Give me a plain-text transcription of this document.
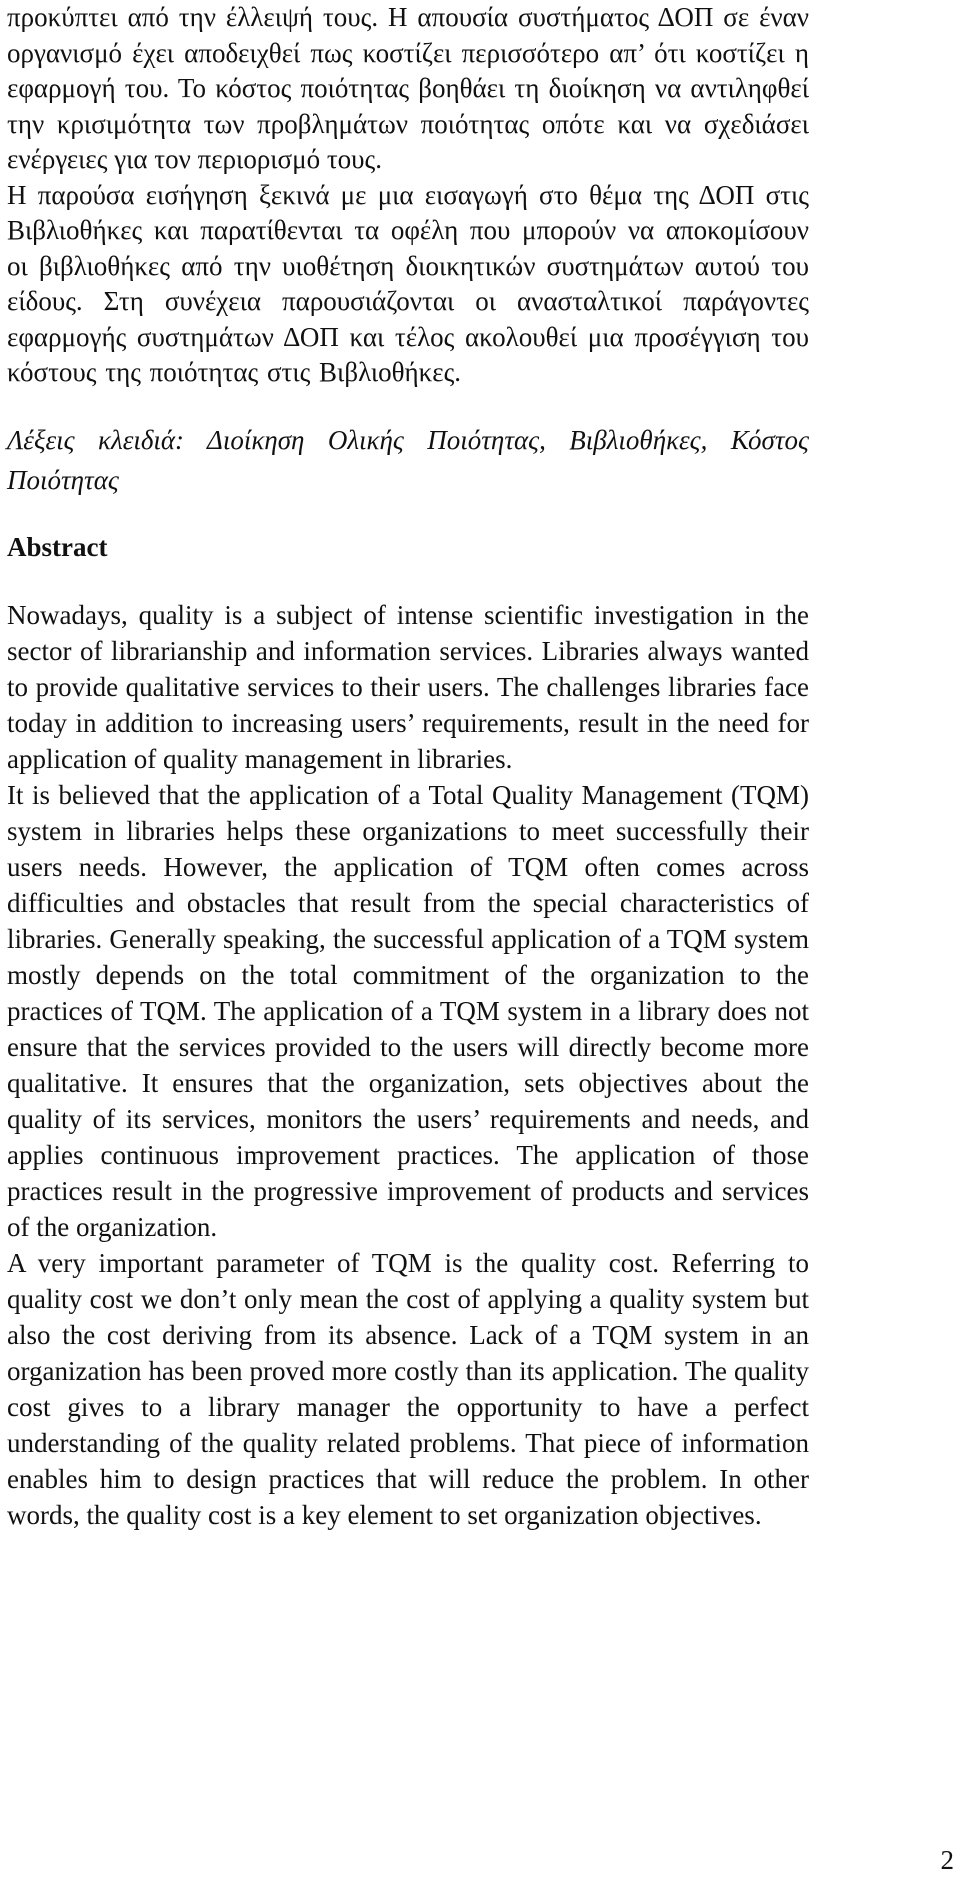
προκύπτει από την έλλειψή τους. Η απουσία συστήματος ΔΟΠ σε έναν οργανισμό έχει αποδειχθεί πως κοστίζει περισσότερο απ’ ότι κοστίζει η εφαρμογή του. Το κόστος ποιότητας βοηθάει τη διοίκηση να αντιληφθεί την κρισιμότητα των προβλημάτων ποιότητας οπότε και να σχεδιάσει ενέργειες για τον περιορισμό τους.

Η παρούσα εισήγηση ξεκινά με μια εισαγωγή στο θέμα της ΔΟΠ στις Βιβλιοθήκες και παρατίθενται τα οφέλη που μπορούν να αποκομίσουν οι βιβλιοθήκες από την υιοθέτηση διοικητικών συστημάτων αυτού του είδους. Στη συνέχεια παρουσιάζονται οι ανασταλτικοί παράγοντες εφαρμογής συστημάτων ΔΟΠ και τέλος ακολουθεί μια προσέγγιση του κόστους της ποιότητας στις Βιβλιοθήκες.

Λέξεις κλειδιά: Διοίκηση Ολικής Ποιότητας, Βιβλιοθήκες, Κόστος Ποιότητας

Abstract

Nowadays, quality is a subject of intense scientific investigation in the sector of librarianship and information services. Libraries always wanted to provide qualitative services to their users. The challenges libraries face today in addition to increasing users’ requirements, result in the need for application of quality management in libraries.

It is believed that the application of a Total Quality Management (TQM) system in libraries helps these organizations to meet successfully their users needs. However, the application of TQM often comes across difficulties and obstacles that result from the special characteristics of libraries. Generally speaking, the successful application of a TQM system mostly depends on the total commitment of the organization to the practices of TQM. The application of a TQM system in a library does not ensure that the services provided to the users will directly become more qualitative. It ensures that the organization, sets objectives about the quality of its services, monitors the users’ requirements and needs, and applies continuous improvement practices. The application of those practices result in the progressive improvement of products and services of the organization.

A very important parameter of TQM is the quality cost. Referring to quality cost we don’t only mean the cost of applying a quality system but also the cost deriving from its absence. Lack of a TQM system in an organization has been proved more costly than its application. The quality cost gives to a library manager the opportunity to have a perfect understanding of the quality related problems. That piece of information enables him to design practices that will reduce the problem. In other words, the quality cost is a key element to set organization objectives.

2
